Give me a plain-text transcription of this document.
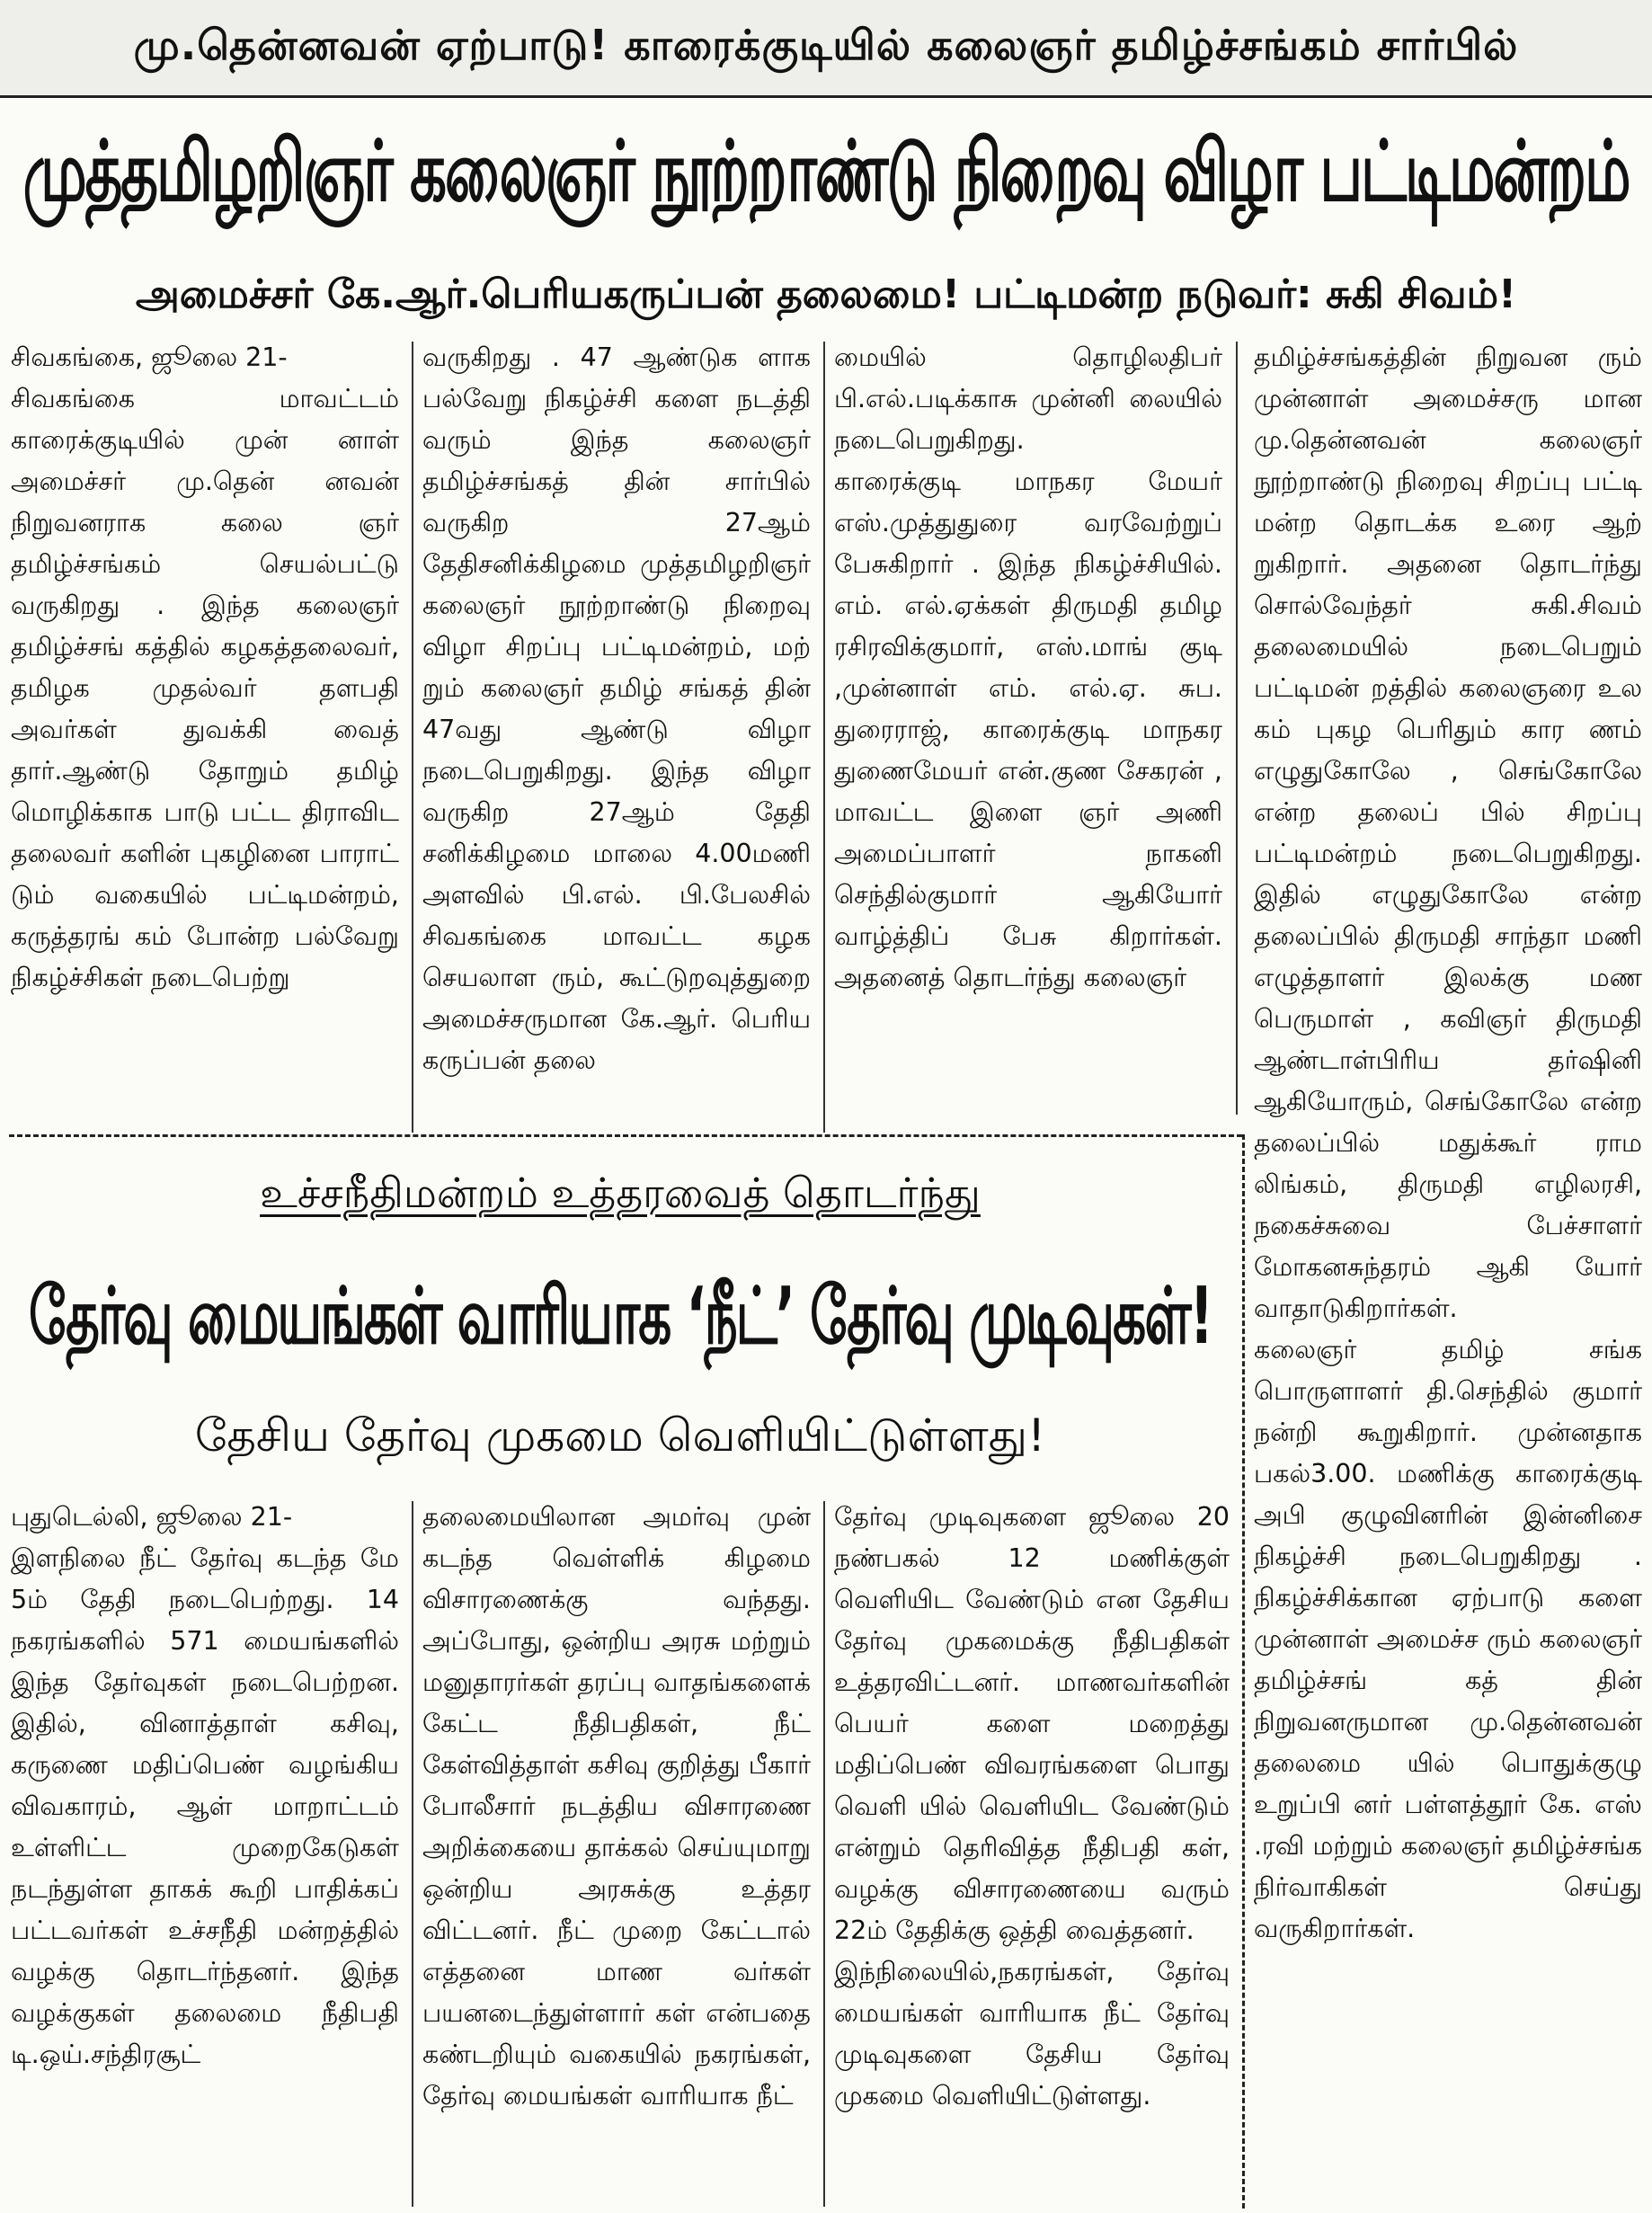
மு.தென்னவன் ஏற்பாடு! காரைக்குடியில் கலைஞர் தமிழ்ச்சங்கம் சார்பில்
முத்தமிழறிஞர் கலைஞர் நூற்றாண்டு நிறைவு விழா பட்டிமன்றம்
அமைச்சர் கே.ஆர்.பெரியகருப்பன் தலைமை! பட்டிமன்ற நடுவர்: சுகி சிவம்!
சிவகங்கை, ஜூலை 21-
சிவகங்கை மாவட்டம் காரைக்குடியில் முன் னாள் அமைச்சர் மு.தென் னவன் நிறுவனராக கலை ஞர் தமிழ்ச்சங்கம் செயல்பட்டு வருகிறது . இந்த கலைஞர் தமிழ்ச்சங் கத்தில் கழகத்தலைவர், தமிழக முதல்வர் தளபதி அவர்கள் துவக்கி வைத் தார்.ஆண்டு தோறும் தமிழ் மொழிக்காக பாடு பட்ட திராவிட தலைவர் களின் புகழினை பாராட் டும் வகையில் பட்டிமன்றம், கருத்தரங் கம் போன்ற பல்வேறு நிகழ்ச்சிகள் நடைபெற்று
வருகிறது . 47 ஆண்டுக ளாக பல்வேறு நிகழ்ச்சி களை நடத்தி வரும் இந்த கலைஞர் தமிழ்ச்சங்கத் தின் சார்பில் வருகிற 27ஆம் தேதிசனிக்கிழமை முத்தமிழறிஞர் கலைஞர் நூற்றாண்டு நிறைவு விழா சிறப்பு பட்டிமன்றம், மற் றும் கலைஞர் தமிழ் சங்கத் தின் 47வது ஆண்டு விழா நடைபெறுகிறது. இந்த விழா வருகிற 27ஆம் தேதி சனிக்கிழமை மாலை 4.00மணி அளவில் பி.எல். பி.பேலசில் சிவகங்கை மாவட்ட கழக செயலாள ரும், கூட்டுறவுத்துறை அமைச்சருமான கே.ஆர். பெரிய கருப்பன் தலை
மையில் தொழிலதிபர் பி.எல்.படிக்காசு முன்னி லையில் நடைபெறுகிறது.
காரைக்குடி மாநகர மேயர் எஸ்.முத்துதுரை வரவேற்றுப் பேசுகிறார் . இந்த நிகழ்ச்சியில். எம். எல்.ஏக்கள் திருமதி தமிழ ரசிரவிக்குமார், எஸ்.மாங் குடி ,முன்னாள் எம். எல்.ஏ. சுப. துரைராஜ், காரைக்குடி மாநகர துணைமேயர் என்.குண சேகரன் , மாவட்ட இளை ஞர் அணி அமைப்பாளர் நாகனி செந்தில்குமார் ஆகியோர் வாழ்த்திப் பேசு கிறார்கள். அதனைத் தொடர்ந்து கலைஞர்
தமிழ்ச்சங்கத்தின் நிறுவன ரும் முன்னாள் அமைச்சரு மான மு.தென்னவன் கலைஞர் நூற்றாண்டு நிறைவு சிறப்பு பட்டி மன்ற தொடக்க உரை ஆற் றுகிறார். அதனை தொடர்ந்து சொல்வேந்தர் சுகி.சிவம் தலைமையில் நடைபெறும் பட்டிமன் றத்தில் கலைஞரை உல கம் புகழ பெரிதும் கார ணம் எழுதுகோலே , செங்கோலே என்ற தலைப் பில் சிறப்பு பட்டிமன்றம் நடைபெறுகிறது. இதில் எழுதுகோலே என்ற தலைப்பில் திருமதி சாந்தா மணி எழுத்தாளர் இலக்கு மண பெருமாள் , கவிஞர் திருமதி ஆண்டாள்பிரிய தர்ஷினி ஆகியோரும், செங்கோலே என்ற தலைப்பில் மதுக்கூர் ராம லிங்கம், திருமதி எழிலரசி, நகைச்சுவை பேச்சாளர் மோகனசுந்தரம் ஆகி யோர் வாதாடுகிறார்கள்.
கலைஞர் தமிழ் சங்க பொருளாளர் தி.செந்தில் குமார் நன்றி கூறுகிறார். முன்னதாக பகல்3.00. மணிக்கு காரைக்குடி அபி குழுவினரின் இன்னிசை நிகழ்ச்சி நடைபெறுகிறது . நிகழ்ச்சிக்கான ஏற்பாடு களை முன்னாள் அமைச்ச ரும் கலைஞர் தமிழ்ச்சங் கத் தின் நிறுவனருமான மு.தென்னவன் தலைமை யில் பொதுக்குழு உறுப்பி னர் பள்ளத்தூர் கே. எஸ் .ரவி மற்றும் கலைஞர் தமிழ்ச்சங்க நிர்வாகிகள் செய்து வருகிறார்கள்.
உச்சநீதிமன்றம் உத்தரவைத் தொடர்ந்து
தேர்வு மையங்கள் வாரியாக ‘நீட்’ தேர்வு முடிவுகள்!
தேசிய தேர்வு முகமை வெளியிட்டுள்ளது!
புதுடெல்லி, ஜூலை 21-
இளநிலை நீட் தேர்வு கடந்த மே 5ம் தேதி நடைபெற்றது. 14 நகரங்களில் 571 மையங்களில் இந்த தேர்வுகள் நடைபெற்றன. இதில், வினாத்தாள் கசிவு, கருணை மதிப்பெண் வழங்கிய விவகாரம், ஆள் மாறாட்டம் உள்ளிட்ட முறைகேடுகள் நடந்துள்ள தாகக் கூறி பாதிக்கப் பட்டவர்கள் உச்சநீதி மன்றத்தில் வழக்கு தொடர்ந்தனர். இந்த வழக்குகள் தலைமை நீதிபதி டி.ஒய்.சந்திரசூட்
தலைமையிலான அமர்வு முன் கடந்த வெள்ளிக் கிழமை விசாரணைக்கு வந்தது. அப்போது, ஒன்றிய அரசு மற்றும் மனுதாரர்கள் தரப்பு வாதங்களைக் கேட்ட நீதிபதிகள், நீட் கேள்வித்தாள் கசிவு குறித்து பீகார் போலீசார் நடத்திய விசாரணை அறிக்கையை தாக்கல் செய்யுமாறு ஒன்றிய அரசுக்கு உத்தர விட்டனர். நீட் முறை கேட்டால் எத்தனை மாண வர்கள் பயனடைந்துள்ளார் கள் என்பதை கண்டறியும் வகையில் நகரங்கள், தேர்வு மையங்கள் வாரியாக நீட்
தேர்வு முடிவுகளை ஜூலை 20 நண்பகல் 12 மணிக்குள் வெளியிட வேண்டும் என தேசிய தேர்வு முகமைக்கு நீதிபதிகள் உத்தரவிட்டனர். மாணவர்களின் பெயர் களை மறைத்து மதிப்பெண் விவரங்களை பொது வெளி யில் வெளியிட வேண்டும் என்றும் தெரிவித்த நீதிபதி கள், வழக்கு விசாரணையை வரும் 22ம் தேதிக்கு ஒத்தி வைத்தனர்.
இந்நிலையில்,நகரங்கள், தேர்வு மையங்கள் வாரியாக நீட் தேர்வு முடிவுகளை தேசிய தேர்வு முகமை வெளியிட்டுள்ளது.
